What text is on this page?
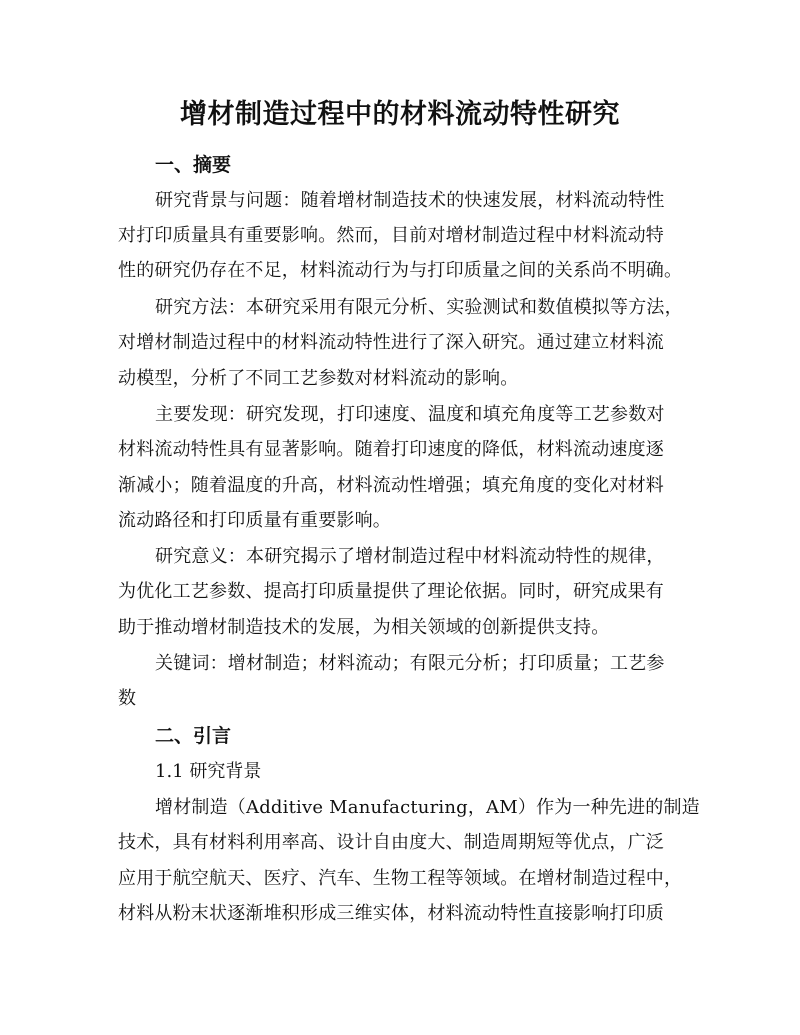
增材制造过程中的材料流动特性研究
一、摘要
研究背景与问题：随着增材制造技术的快速发展，材料流动特性
对打印质量具有重要影响。然而，目前对增材制造过程中材料流动特
性的研究仍存在不足，材料流动行为与打印质量之间的关系尚不明确。
研究方法：本研究采用有限元分析、实验测试和数值模拟等方法，
对增材制造过程中的材料流动特性进行了深入研究。通过建立材料流
动模型，分析了不同工艺参数对材料流动的影响。
主要发现：研究发现，打印速度、温度和填充角度等工艺参数对
材料流动特性具有显著影响。随着打印速度的降低，材料流动速度逐
渐减小；随着温度的升高，材料流动性增强；填充角度的变化对材料
流动路径和打印质量有重要影响。
研究意义：本研究揭示了增材制造过程中材料流动特性的规律，
为优化工艺参数、提高打印质量提供了理论依据。同时，研究成果有
助于推动增材制造技术的发展，为相关领域的创新提供支持。
关键词：增材制造；材料流动；有限元分析；打印质量；工艺参
数
二、引言
1.1 研究背景
增材制造（Additive Manufacturing，AM）作为一种先进的制造
技术，具有材料利用率高、设计自由度大、制造周期短等优点，广泛
应用于航空航天、医疗、汽车、生物工程等领域。在增材制造过程中，
材料从粉末状逐渐堆积形成三维实体，材料流动特性直接影响打印质
